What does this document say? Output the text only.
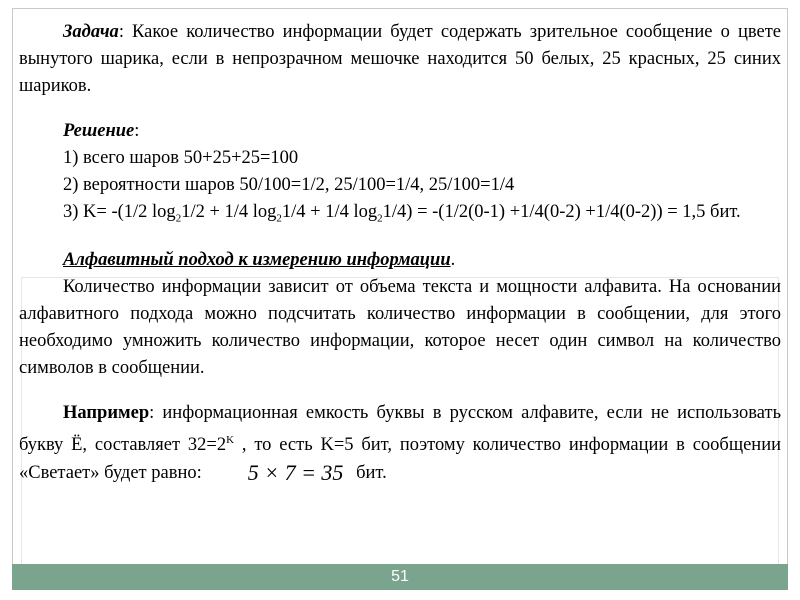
Задача: Какое количество информации будет содержать зрительное сообщение о цвете вынутого шарика, если в непрозрачном мешочке находится 50 белых, 25 красных, 25 синих шариков.

Решение:

1) всего шаров 50+25+25=100

2) вероятности шаров 50/100=1/2, 25/100=1/4, 25/100=1/4

3) K= -(1/2 $\log_21/2 + 1/4$ $\log_21/4 + 1/4$ $\log_21/4) = -(1/2(0-1) +1/4(0-2) +1/4(0-2)) = 1,5$ бит.

Алфавитный подход к измерению информации.

Количество информации зависит от объема текста и мощности алфавита. На основании алфавитного подхода можно подсчитать количество информации в сообщении, для этого необходимо умножить количество информации, которое несет один символ на количество символов в сообщении.

Например: информационная емкость буквы в русском алфавите, если не использовать букву Ё, составляет $32=2^K$ , то есть K=5 бит, поэтому количество информации в сообщении «Светает» будет равно: 5 × 7 = 35 бит.

51
